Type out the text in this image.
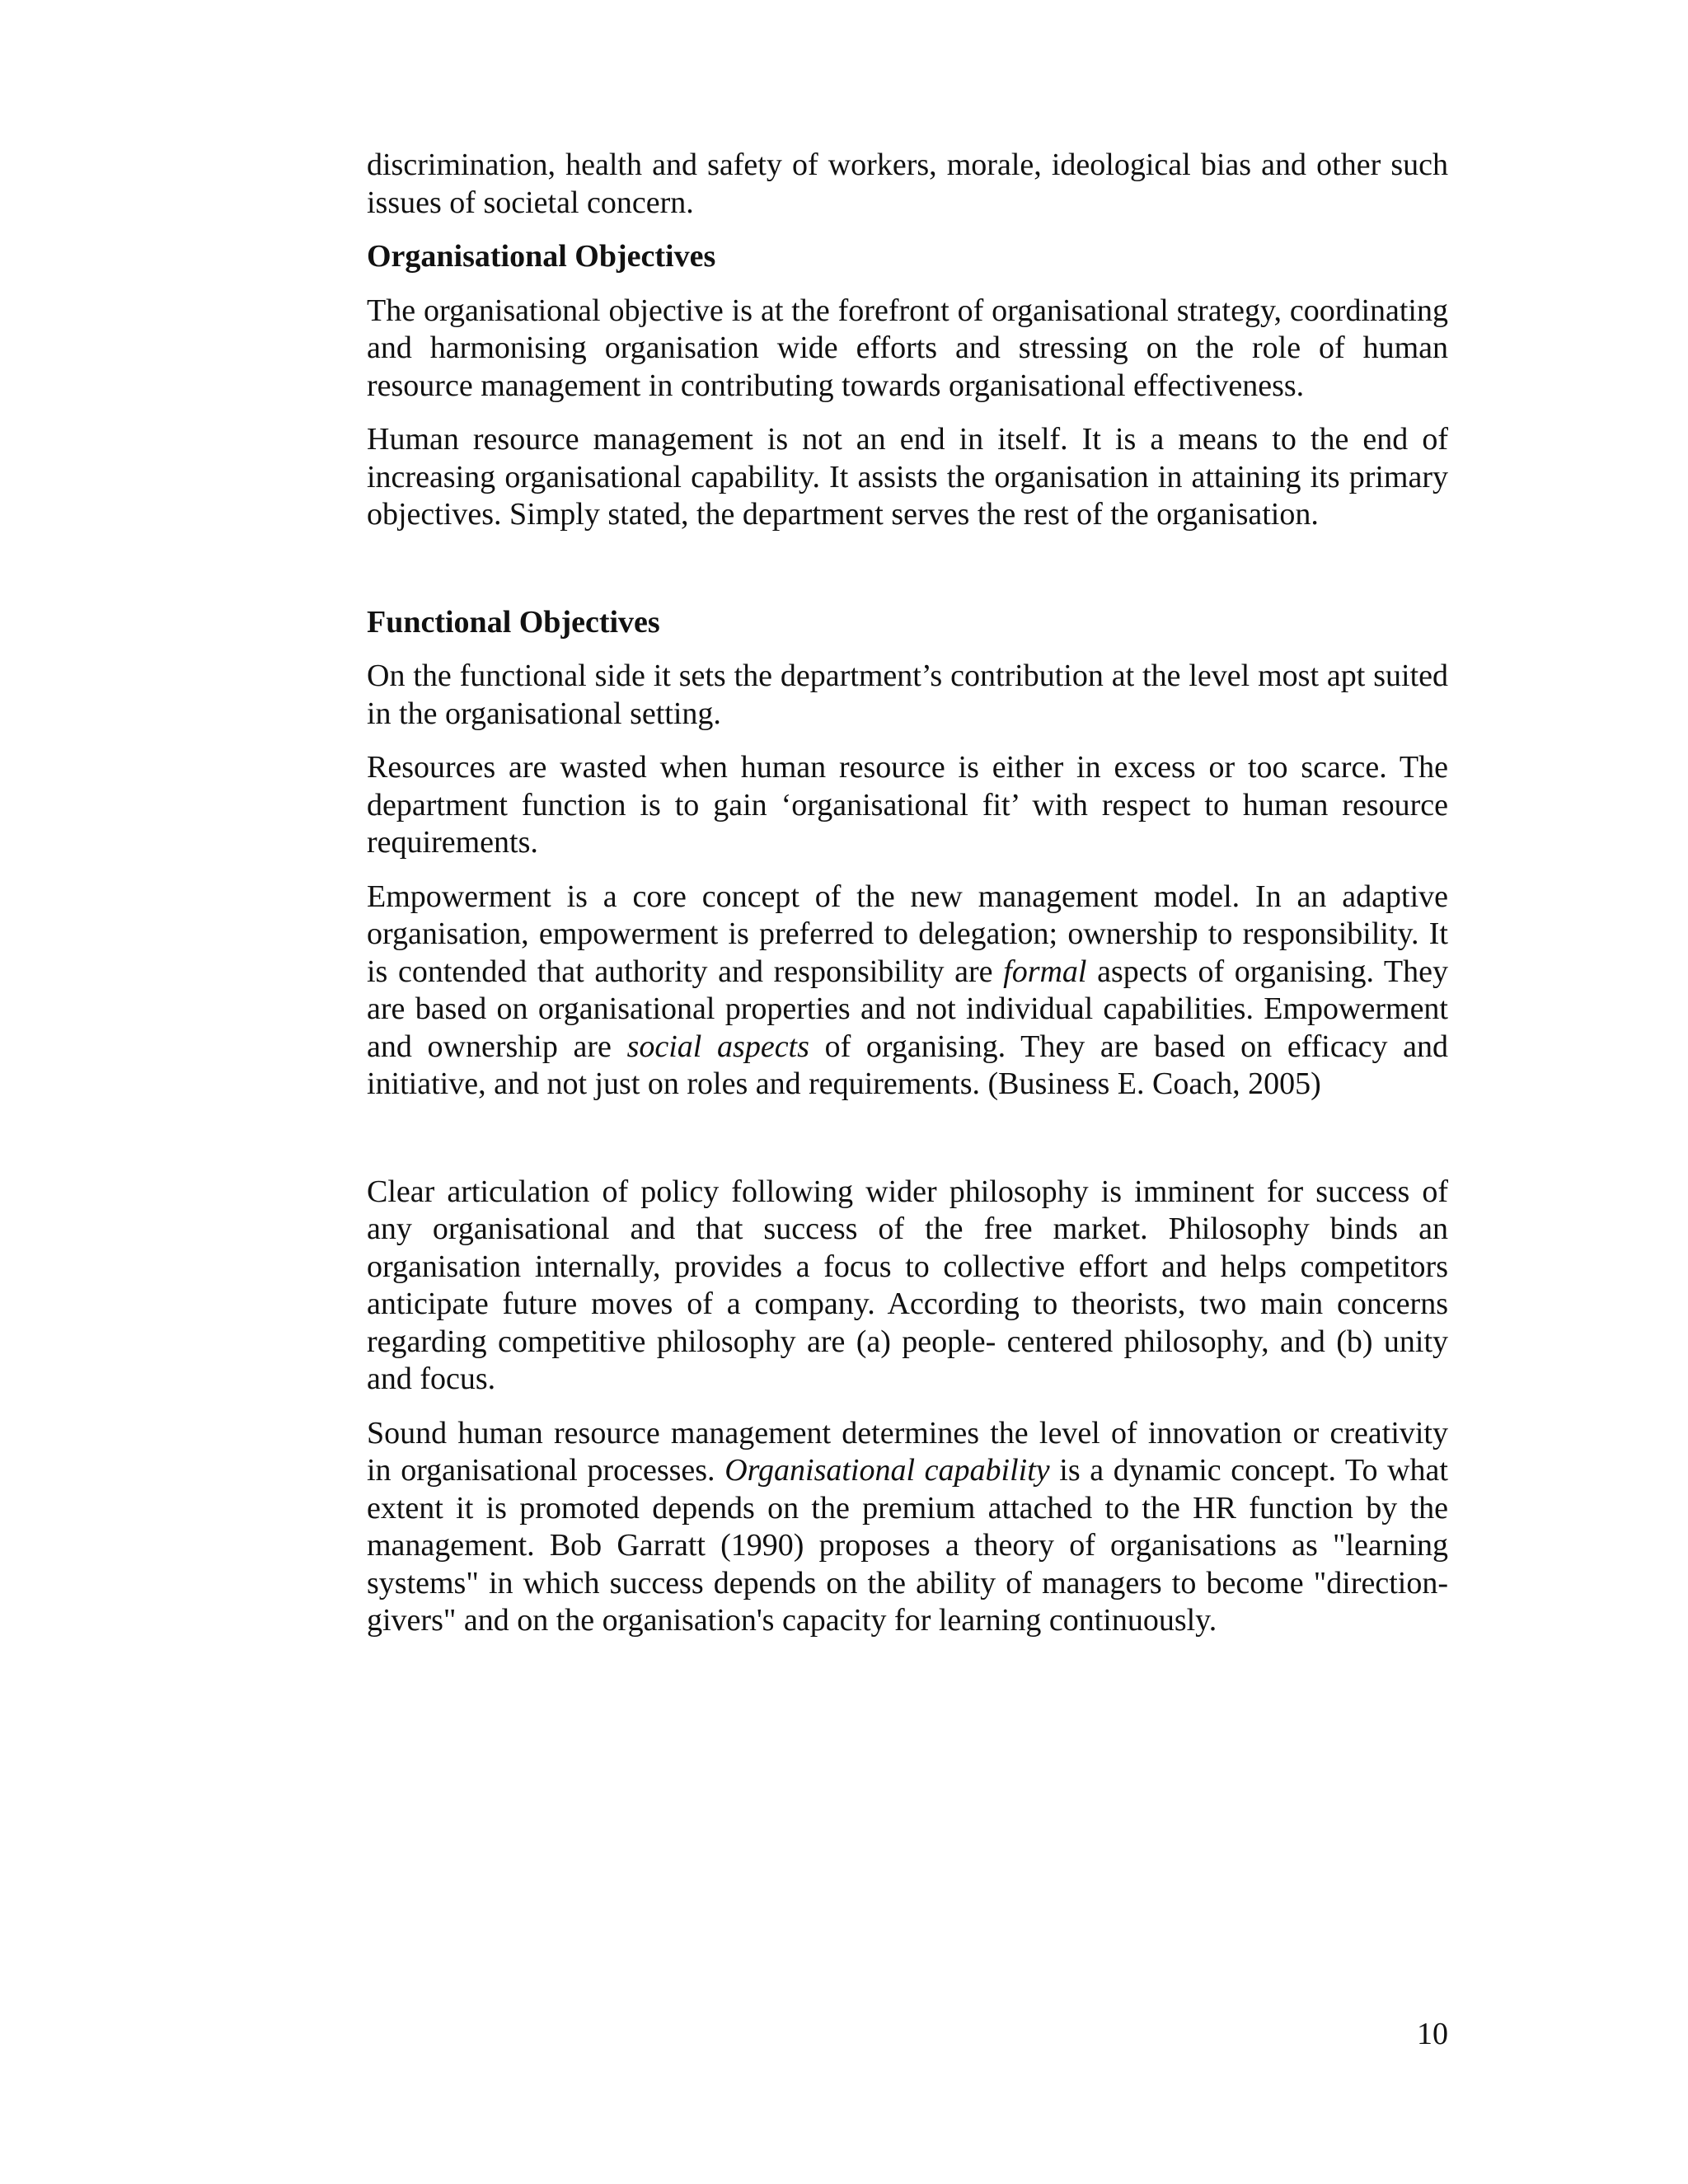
discrimination, health and safety of workers, morale, ideological bias and other such issues of societal concern.

Organisational Objectives

The organisational objective is at the forefront of organisational strategy, coordinating and harmonising organisation wide efforts and stressing on the role of human resource management in contributing towards organisational effectiveness.

Human resource management is not an end in itself. It is a means to the end of increasing organisational capability. It assists the organisation in attaining its primary objectives. Simply stated, the department serves the rest of the organisation.

Functional Objectives

On the functional side it sets the department’s contribution at the level most apt suited in the organisational setting.

Resources are wasted when human resource is either in excess or too scarce. The department function is to gain ‘organisational fit’ with respect to human resource requirements.

Empowerment is a core concept of the new management model. In an adaptive organisation, empowerment is preferred to delegation; ownership to responsibility. It is contended that authority and responsibility are formal aspects of organising. They are based on organisational properties and not individual capabilities. Empowerment and ownership are social aspects of organising. They are based on efficacy and initiative, and not just on roles and requirements. (Business E. Coach, 2005)

Clear articulation of policy following wider philosophy is imminent for success of any organisational and that success of the free market. Philosophy binds an organisation internally, provides a focus to collective effort and helps competitors anticipate future moves of a company. According to theorists, two main concerns regarding competitive philosophy are (a) people- centered philosophy, and (b) unity and focus.

Sound human resource management determines the level of innovation or creativity in organisational processes. Organisational capability is a dynamic concept. To what extent it is promoted depends on the premium attached to the HR function by the management. Bob Garratt (1990) proposes a theory of organisations as "learning systems" in which success depends on the ability of managers to become "direction-givers" and on the organisation's capacity for learning continuously.

10
